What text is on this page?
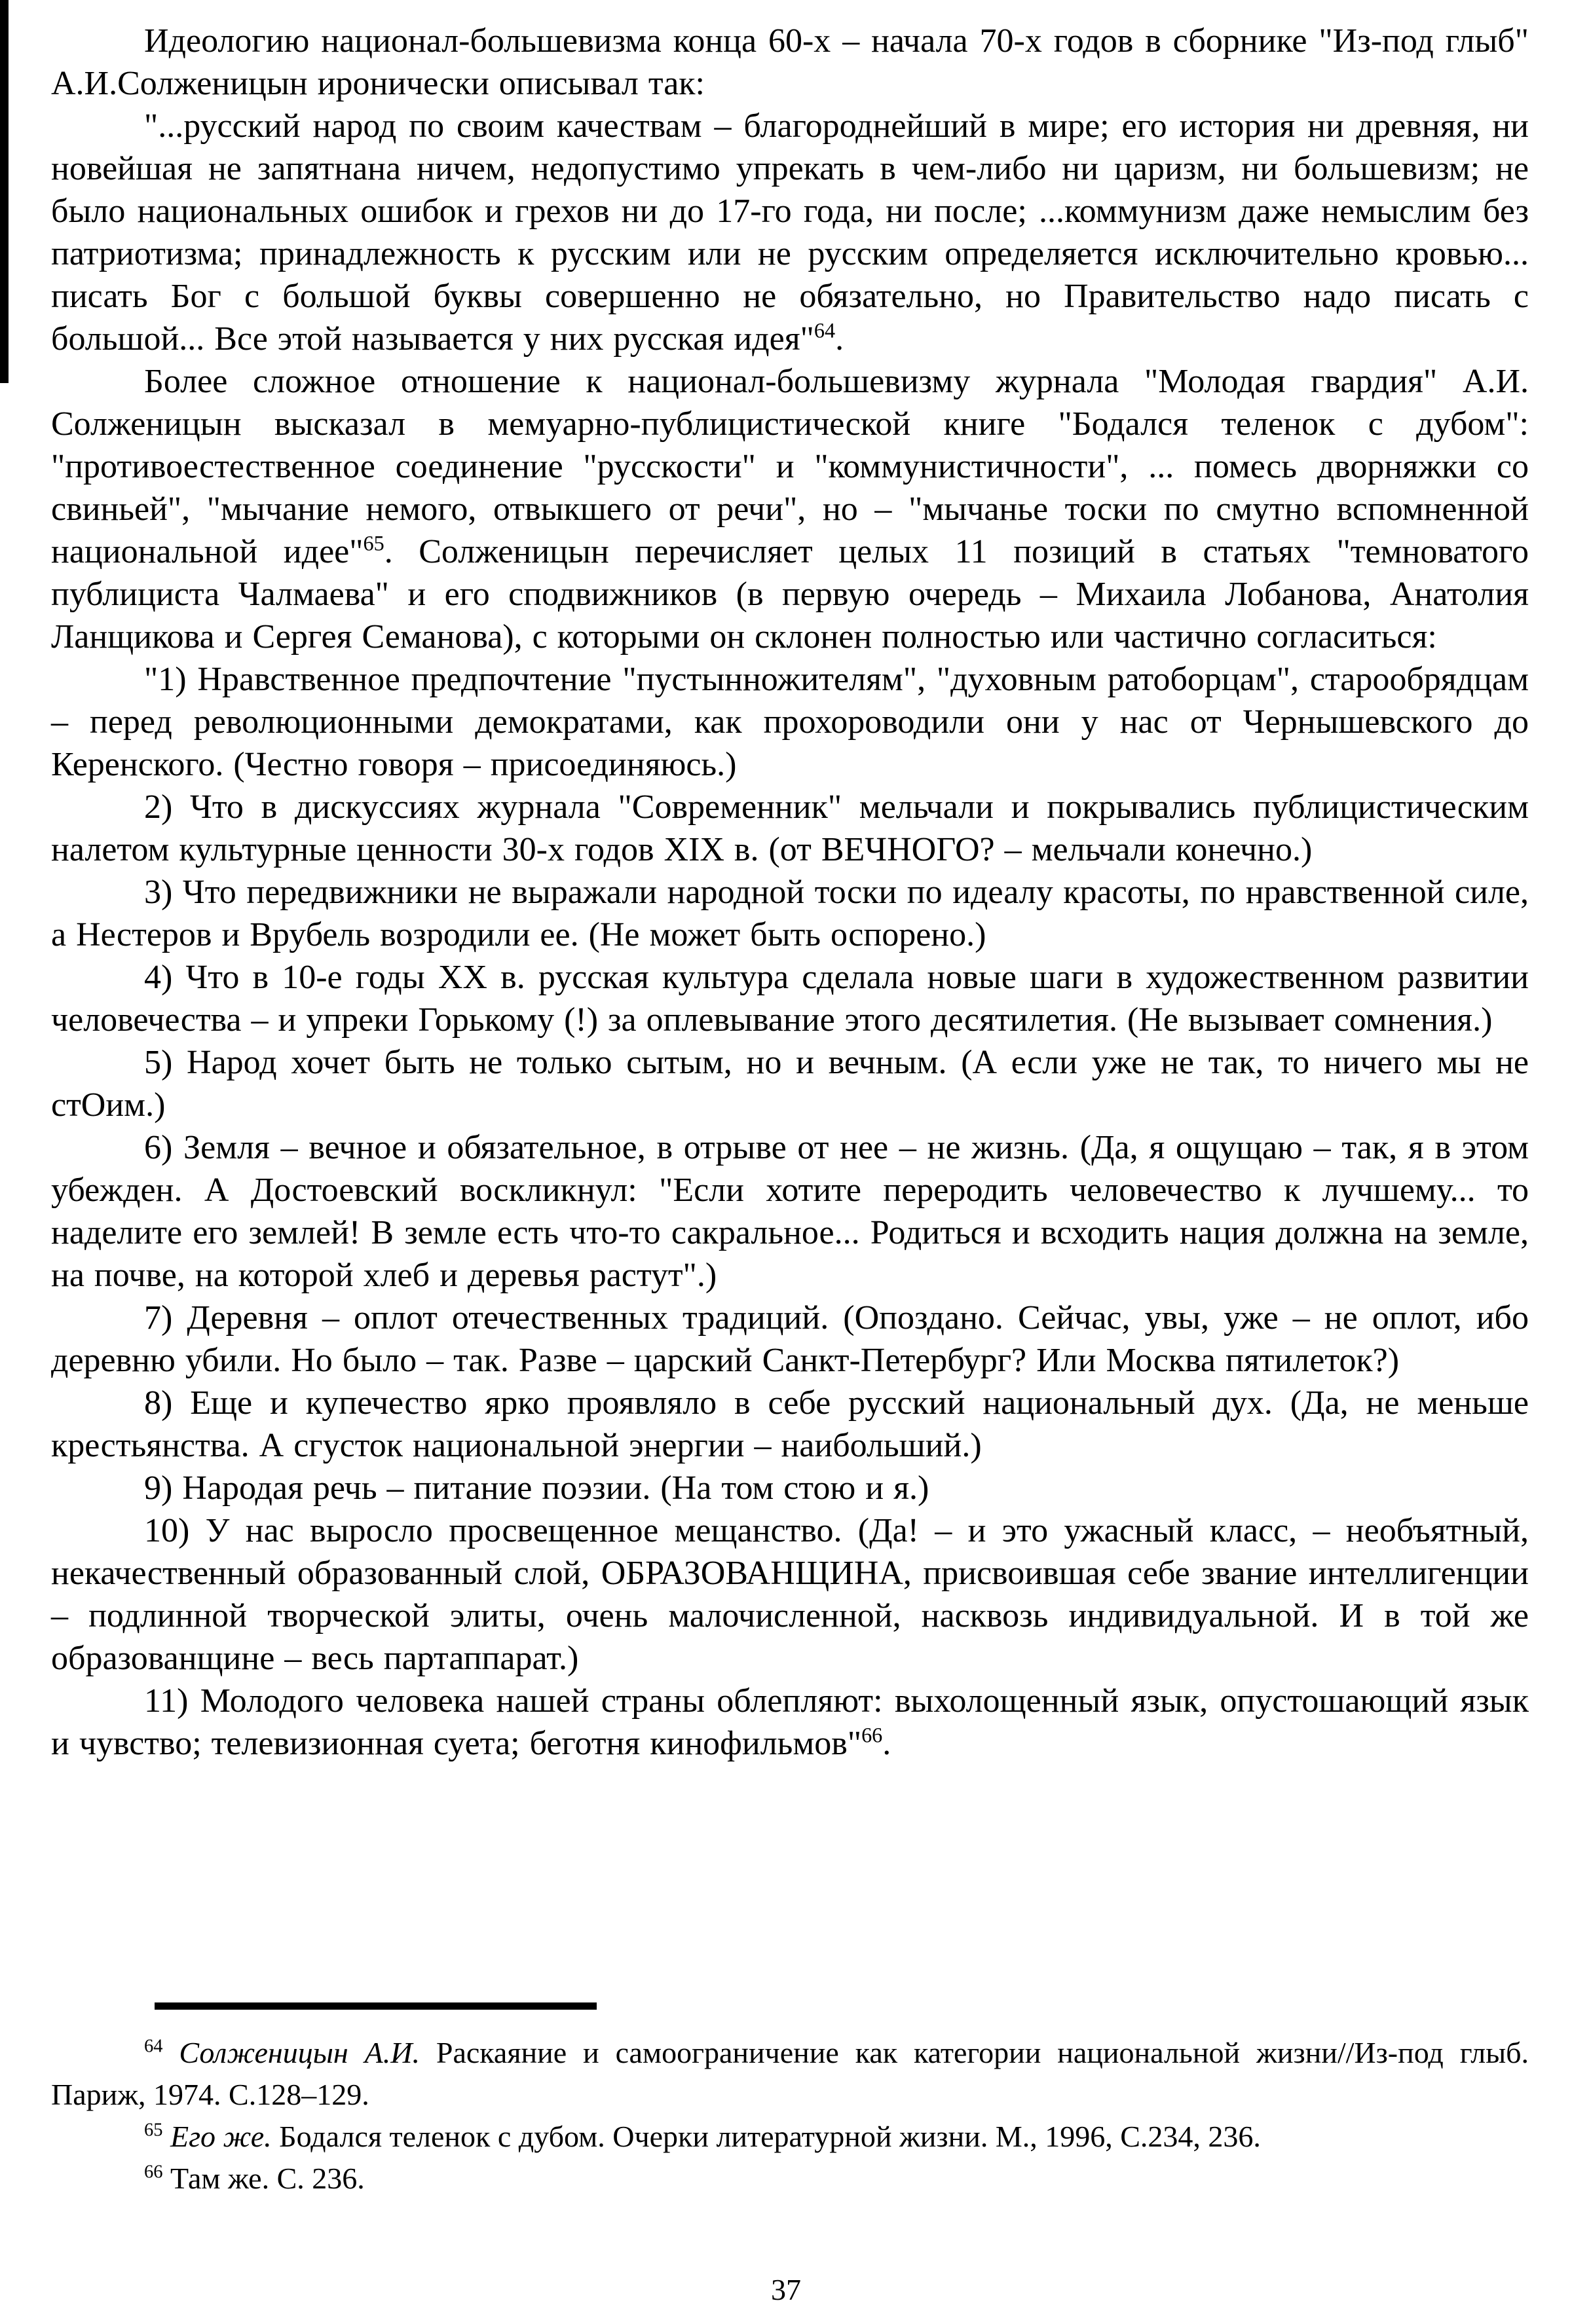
Идеологию национал-большевизма конца 60-х – начала 70-х годов в сборнике "Из-под глыб" А.И.Солженицын иронически описывал так:

"...русский народ по своим качествам – благороднейший в мире; его история ни древняя, ни новейшая не запятнана ничем, недопустимо упрекать в чем-либо ни царизм, ни большевизм; не было национальных ошибок и грехов ни до 17-го года, ни после; ...коммунизм даже немыслим без патриотизма; принадлежность к русским или не русским определяется исключительно кровью... писать Бог с большой буквы совершенно не обязательно, но Правительство надо писать с большой... Все этой называется у них русская идея"$^{64}$.

Более сложное отношение к национал-большевизму журнала "Молодая гвардия" А.И. Солженицын высказал в мемуарно-публицистической книге "Бодался теленок с дубом": "противоестественное соединение "русскости" и "коммунистичности", ... помесь дворняжки со свиньей", "мычание немого, отвыкшего от речи", но – "мычанье тоски по смутно вспомненной национальной идее"$^{65}$. Солженицын перечисляет целых 11 позиций в статьях "темноватого публициста Чалмаева" и его сподвижников (в первую очередь – Михаила Лобанова, Анатолия Ланщикова и Сергея Семанова), с которыми он склонен полностью или частично согласиться:

"1) Нравственное предпочтение "пустынножителям", "духовным ратоборцам", старообрядцам – перед революционными демократами, как прохороводили они у нас от Чернышевского до Керенского. (Честно говоря – присоединяюсь.)

2) Что в дискуссиях журнала "Современник" мельчали и покрывались публицистическим налетом культурные ценности 30-х годов XIX в. (от ВЕЧНОГО? – мельчали конечно.)

3) Что передвижники не выражали народной тоски по идеалу красоты, по нравственной силе, а Нестеров и Врубель возродили ее. (Не может быть оспорено.)

4) Что в 10-е годы XX в. русская культура сделала новые шаги в художественном развитии человечества – и упреки Горькому (!) за оплевывание этого десятилетия. (Не вызывает сомнения.)

5) Народ хочет быть не только сытым, но и вечным. (А если уже не так, то ничего мы не стОим.)

6) Земля – вечное и обязательное, в отрыве от нее – не жизнь. (Да, я ощущаю – так, я в этом убежден. А Достоевский воскликнул: "Если хотите переродить человечество к лучшему... то наделите его землей! В земле есть что-то сакральное... Родиться и всходить нация должна на земле, на почве, на которой хлеб и деревья растут".)

7) Деревня – оплот отечественных традиций. (Опоздано. Сейчас, увы, уже – не оплот, ибо деревню убили. Но было – так. Разве – царский Санкт-Петербург? Или Москва пятилеток?)

8) Еще и купечество ярко проявляло в себе русский национальный дух. (Да, не меньше крестьянства. А сгусток национальной энергии – наибольший.)

9) Народая речь – питание поэзии. (На том стою и я.)

10) У нас выросло просвещенное мещанство. (Да! – и это ужасный класс, – необъятный, некачественный образованный слой, ОБРАЗОВАНЩИНА, присвоившая себе звание интеллигенции – подлинной творческой элиты, очень малочисленной, насквозь индивидуальной. И в той же образованщине – весь партаппарат.)

11) Молодого человека нашей страны облепляют: выхолощенный язык, опустошающий язык и чувство; телевизионная суета; беготня кинофильмов"$^{66}$.

$^{64}$ Солженицын А.И. Раскаяние и самоограничение как категории национальной жизни//Из-под глыб. Париж, 1974. С.128–129.

$^{65}$ Его же. Бодался теленок с дубом. Очерки литературной жизни. М., 1996, С.234, 236.

$^{66}$ Там же. С. 236.

37
